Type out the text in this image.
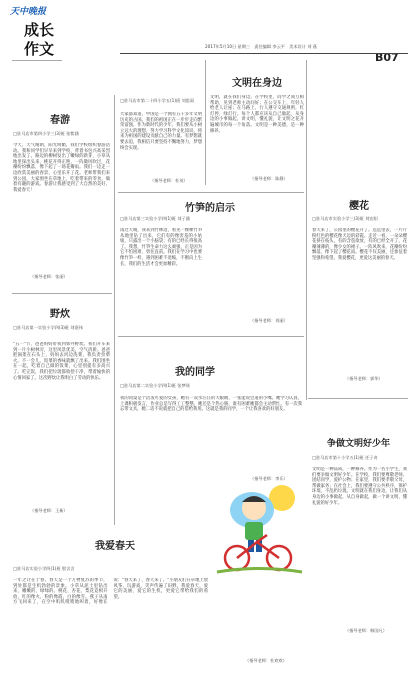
天中晚报
成长作文	2017年5月10日 星期三　责任编辑 李云平　美术设计 刘 燕
B07
春游
□驻马店市第四小学三(3)班 张紫涵
今天，天气晴朗，阳光明媚，我们学校组织春游活动。我和同学们早早来到学校，背着书包兴高采烈地出发了。路边的柳树发出了嫩绿的新芽，小草从地里探出头来，桃花开得正艳，一阵微风吹过，花瓣纷纷飘落，像下起了一场花瓣雨。我们一边走一边欣赏美丽的春景，心里乐开了花。老师带我们来到公园，大家围坐在草地上，吃着带来的零食，做着有趣的游戏。春游让我感受到了大自然的美好，我爱春天！
（指导老师：张丽）
野炊
□驻马店第一实验小学四(3)班 刘嘉伟
"五一"节，爸爸妈妈带我到郊外野炊。我们开车来到一片小树林旁，这里风景优美，空气清新。爸爸把锅架在石头上，妈妈去河边洗菜，我负责捡柴火。不一会儿，饭菜的香味就飘了出来。我们围坐在一起，吃着自己做的饭菜，心里别提有多高兴了。吃完饭，我们把垃圾都收拾干净，带着愉快的心情回家了。这次野炊让我明白了劳动的快乐。
（指导老师：王新）
□驻马店市第二十四小学五(1)班 刘思雨
大家都知道，中国是一个拥有五千多年文明历史的古国。我们的祖国正在一步步走向繁荣富强，作为新时代的少年，我们要从小树立远大的理想，努力学习科学文化知识，将来为祖国的建设贡献自己的力量。有梦想就要去追，我相信只要坚持不懈地努力，梦想终会实现。
（指导老师：杜英）
文明在身边
文明，就在我们身边。在学校里，同学之间互相帮助，见到老师主动问好；在公交车上，年轻人给老人让座；在马路上，行人遵守交通规则，红灯停，绿灯行。每个人都应该从自己做起，从身边的小事做起，讲文明，懂礼貌，让文明之花开遍城市的每一个角落。文明是一种美德，是一种修养。
（指导老师：陈静）
竹笋的启示
□驻马店第三实验小学四(1)班 刘子涵
雨过天晴，我来到竹林边，看见一棵棵竹笋从地里钻了出来，它们有的像害羞的小姑娘，只露出一个小脑袋；有的已经长得很高了。我想，竹笋生命力这么顽强，正是因为它不怕困难、勇往直前。我们在学习中也要像竹笋一样，遇到困难不退缩，不断向上生长，我们的生活才会更加精彩。
（指导老师：刘丽）
樱花
□驻马店市实验小学三(3)班 刘宏阳
春天来了，公园里的樱花开了。远远望去，一片片粉红色的樱花像天边的彩霞。走近一看，一朵朵樱花挤在枝头，有的含苞欲放，有的已经全开了，花瓣薄薄的，像少女的裙子。一阵风吹来，花瓣纷纷飘落，像下起了樱花雨。樱花不仅美丽，还象征着坚强和希望。我爱樱花，更爱这美丽的春天。
（指导老师：郭华）
我的同学
□驻马店第二实验小学四(1)班 张梦瑶
我的同桌是个活泼可爱的女孩，她有一双水汪汪的大眼睛，一张能说会道的小嘴。她学习认真，上课积极发言，作业总是写得工工整整。她还是个热心肠，谁有困难她都会主动帮忙。有一次我忘带文具，她二话不说就把自己的借给我用。这就是我的同学，一个让我喜欢的好朋友。
（指导老师：李乐）
争做文明好少年
□驻马店市第十小学五(1)班 任子奇
文明是一种品质，一种修养。作为一名小学生，我们要争做文明好少年。在学校，我们要尊敬老师，团结同学，爱护公物；在家里，我们要孝敬父母，帮做家务；在社会上，我们要遵守公共秩序，保护环境，不乱扔垃圾。文明就在我们身边，让我们从身边的小事做起，从自身做起，做一个讲文明、懂礼貌的好少年。
（指导老师：韩国凡）
我爱春天
□驻马店实验小学四(1)班 殷含含
一年之计在于春。春天是一个万物复苏的季节，到处都是生机勃勃的景象。小草从泥土里钻出来，嫩嫩的，绿绿的。桃花、杏花、梨花竞相开放，红的像火，粉的像霞，白的像雪。燕子从南方飞回来了，在空中叽叽喳喳地叫着，好像在说："春天来了，春天来了。"小朋友们在草地上放风筝，玩游戏，笑声传遍了田野。我爱春天，爱它的美丽，爱它的生机，更爱它带给我们的希望。
（指导老师：杜欢欢）
